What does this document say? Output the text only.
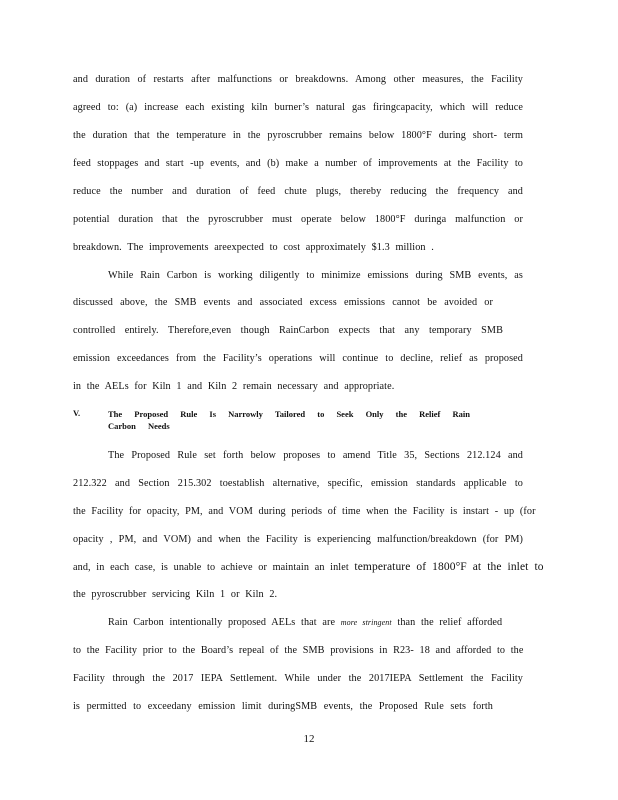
and duration of restarts after malfunctions or breakdowns. Among other measures, the Facility
agreed to: (a) increase each existing kiln burner’s natural gas firingcapacity, which will reduce
the duration that the temperature in the pyroscrubber remains below 1800°F during short- term
feed stoppages and start -up events, and (b) make a number of improvements at the Facility to
reduce the number and duration of feed chute plugs, thereby reducing the frequency and
potential duration that the pyroscrubber must operate below 1800°F duringa malfunction or
breakdown. The improvements areexpected to cost approximately $1.3 million .
While Rain Carbon is working diligently to minimize emissions during SMB events, as
discussed above, the SMB events and associated excess emissions cannot be avoided or
controlled entirely. Therefore,even though RainCarbon expects that any temporary SMB
emission exceedances from the Facility’s operations will continue to decline, relief as proposed
in the AELs for Kiln 1 and Kiln 2 remain necessary and appropriate.
V.	The Proposed Rule Is Narrowly Tailored to Seek Only the Relief Rain Carbon Needs
The Proposed Rule set forth below proposes to amend Title 35, Sections 212.124 and
212.322 and Section 215.302 toestablish alternative, specific, emission standards applicable to
the Facility for opacity, PM, and VOM during periods of time when the Facility is instart - up (for
opacity , PM, and VOM) and when the Facility is experiencing malfunction/breakdown (for PM)
and, in each case, is unable to achieve or maintain an inlet temperature of 1800°F at the inlet to
the pyroscrubber servicing Kiln 1 or Kiln 2.
Rain Carbon intentionally proposed AELs that are more stringent than the relief afforded
to the Facility prior to the Board’s repeal of the SMB provisions in R23- 18 and afforded to the
Facility through the 2017 IEPA Settlement. While under the 2017IEPA Settlement the Facility
is permitted to exceedany emission limit duringSMB events, the Proposed Rule sets forth
12
